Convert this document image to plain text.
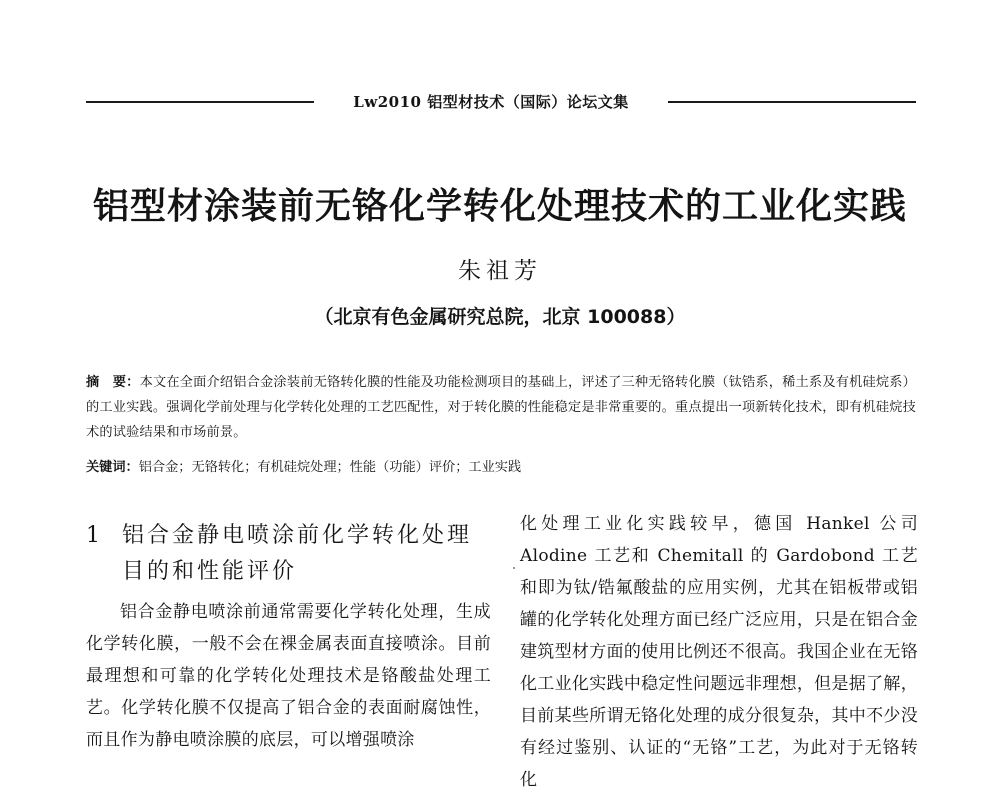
Lw2010 铝型材技术（国际）论坛文集
铝型材涂装前无铬化学转化处理技术的工业化实践
朱祖芳
（北京有色金属研究总院，北京 100088）
摘　要：本文在全面介绍铝合金涂装前无铬转化膜的性能及功能检测项目的基础上，评述了三种无铬转化膜（钛锆系，稀土系及有机硅烷系）的工业实践。强调化学前处理与化学转化处理的工艺匹配性，对于转化膜的性能稳定是非常重要的。重点提出一项新转化技术，即有机硅烷技术的试验结果和市场前景。
关键词：铝合金；无铬转化；有机硅烷处理；性能（功能）评价；工业实践
1 铝合金静电喷涂前化学转化处理
目的和性能评价

铝合金静电喷涂前通常需要化学转化处理，生成化学转化膜，一般不会在裸金属表面直接喷涂。目前最理想和可靠的化学转化处理技术是铬酸盐处理工艺。化学转化膜不仅提高了铝合金的表面耐腐蚀性，而且作为静电喷涂膜的底层，可以增强喷涂

化处理工业化实践较早，德国 Hankel 公司 Alodine 工艺和 Chemitall 的 Gardobond 工艺和即为钛/锆氟酸盐的应用实例，尤其在铝板带或铝罐的化学转化处理方面已经广泛应用，只是在铝合金建筑型材方面的使用比例还不很高。我国企业在无铬化工业化实践中稳定性问题远非理想，但是据了解，目前某些所谓无铬化处理的成分很复杂，其中不少没有经过鉴别、认证的“无铬”工艺，为此对于无铬转化
